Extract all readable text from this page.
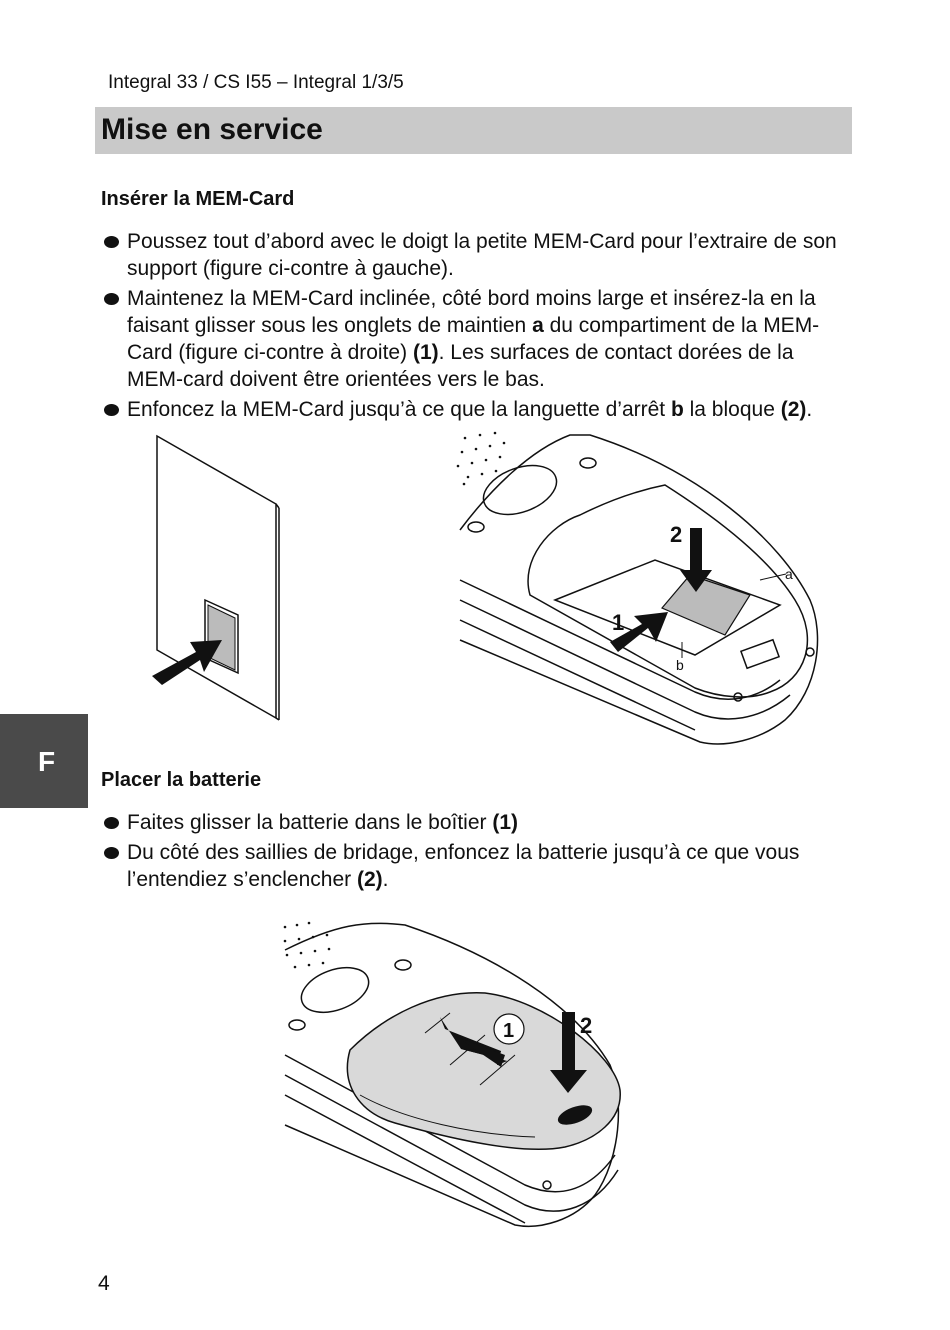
Integral 33 / CS I55 – Integral 1/3/5
Mise en service
Insérer la MEM-Card
Poussez tout d’abord avec le doigt la petite MEM-Card pour l’extraire de son support (figure ci-contre à gauche).
Maintenez la MEM-Card inclinée, côté bord moins large et insérez-la en la faisant glisser sous les onglets de maintien a du compartiment de la MEM-Card (figure ci-contre à droite) (1). Les surfaces de contact dorées de la MEM-card doivent être orientées vers le bas.
Enfoncez la MEM-Card jusqu’à ce que la languette d’arrêt b la bloque (2).
2
1
a
b
F
Placer la batterie
Faites glisser la batterie dans le boîtier (1)
Du côté des saillies de bridage, enfoncez la batterie jusqu’à ce que vous l’entendiez s’enclencher (2).
1	2
4
